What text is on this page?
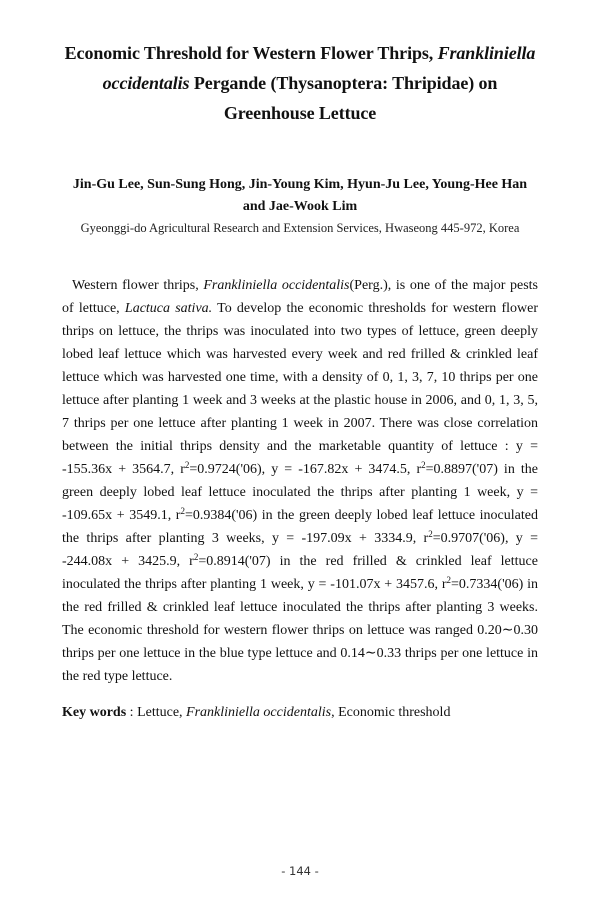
Economic Threshold for Western Flower Thrips, Frankliniella occidentalis Pergande (Thysanoptera: Thripidae) on Greenhouse Lettuce
Jin-Gu Lee, Sun-Sung Hong, Jin-Young Kim, Hyun-Ju Lee, Young-Hee Han and Jae-Wook Lim
Gyeonggi-do Agricultural Research and Extension Services, Hwaseong 445-972, Korea
Western flower thrips, Frankliniella occidentalis(Perg.), is one of the major pests of lettuce, Lactuca sativa. To develop the economic thresholds for western flower thrips on lettuce, the thrips was inoculated into two types of lettuce, green deeply lobed leaf lettuce which was harvested every week and red frilled & crinkled leaf lettuce which was harvested one time, with a density of 0, 1, 3, 7, 10 thrips per one lettuce after planting 1 week and 3 weeks at the plastic house in 2006, and 0, 1, 3, 5, 7 thrips per one lettuce after planting 1 week in 2007. There was close correlation between the initial thrips density and the marketable quantity of lettuce : y = -155.36x + 3564.7, $r^2=0.9724('06)$, y = -167.82x + 3474.5, $r^2=0.8897('07)$ in the green deeply lobed leaf lettuce inoculated the thrips after planting 1 week, y = -109.65x + 3549.1, $r^2=0.9384('06)$ in the green deeply lobed leaf lettuce inoculated the thrips after planting 3 weeks, y = -197.09x + 3334.9, $r^2=0.9707('06)$, y = -244.08x + 3425.9, $r^2=0.8914('07)$ in the red frilled & crinkled leaf lettuce inoculated the thrips after planting 1 week, y = -101.07x + 3457.6, $r^2=0.7334('06)$ in the red frilled & crinkled leaf lettuce inoculated the thrips after planting 3 weeks. The economic threshold for western flower thrips on lettuce was ranged 0.20∼0.30 thrips per one lettuce in the blue type lettuce and 0.14∼0.33 thrips per one lettuce in the red type lettuce.
Key words : Lettuce, Frankliniella occidentalis, Economic threshold
- 144 -
